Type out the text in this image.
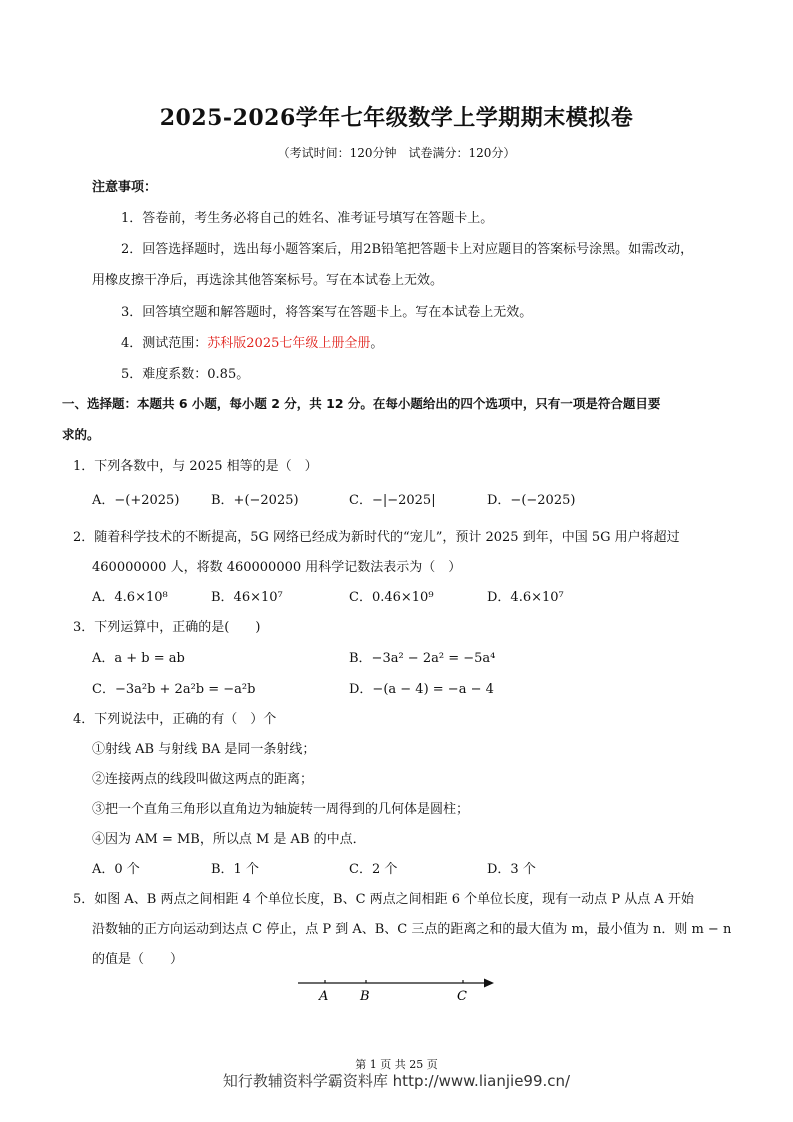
2025-2026学年七年级数学上学期期末模拟卷
（考试时间：120分钟　试卷满分：120分）
注意事项：
1．答卷前，考生务必将自己的姓名、准考证号填写在答题卡上。
2．回答选择题时，选出每小题答案后，用2B铅笔把答题卡上对应题目的答案标号涂黑。如需改动，
用橡皮擦干净后，再选涂其他答案标号。写在本试卷上无效。
3．回答填空题和解答题时，将答案写在答题卡上。写在本试卷上无效。
4．测试范围：苏科版2025七年级上册全册。
5．难度系数：0.85。
一、选择题：本题共 6 小题，每小题 2 分，共 12 分。在每小题给出的四个选项中，只有一项是符合题目要
求的。
1．下列各数中，与 2025 相等的是（　）
A．−(+2025) B．+(−2025)	C．−|−2025|	D．−(−2025)
2．随着科学技术的不断提高，5G 网络已经成为新时代的“宠儿”，预计 2025 到年，中国 5G 用户将超过
460000000 人，将数 460000000 用科学记数法表示为（　）
A．4.6×10⁸	B．46×10⁷	C．0.46×10⁹	D．4.6×10⁷
3．下列运算中，正确的是(　　)
A．a + b = ab	B．−3a² − 2a² = −5a⁴
C．−3a²b + 2a²b = −a²b	D．−(a − 4) = −a − 4
4．下列说法中，正确的有（　）个
①射线 AB 与射线 BA 是同一条射线；
②连接两点的线段叫做这两点的距离；
③把一个直角三角形以直角边为轴旋转一周得到的几何体是圆柱；
④因为 AM = MB，所以点 M 是 AB 的中点．
A．0 个	B．1 个	C．2 个	D．3 个
5．如图 A、B 两点之间相距 4 个单位长度，B、C 两点之间相距 6 个单位长度，现有一动点 P 从点 A 开始
沿数轴的正方向运动到达点 C 停止，点 P 到 A、B、C 三点的距离之和的最大值为 m，最小值为 n．则 m − n
的值是（　　）
A B	C
第 1 页 共 25 页
知行教辅资料学霸资料库 http://www.lianjie99.cn/
